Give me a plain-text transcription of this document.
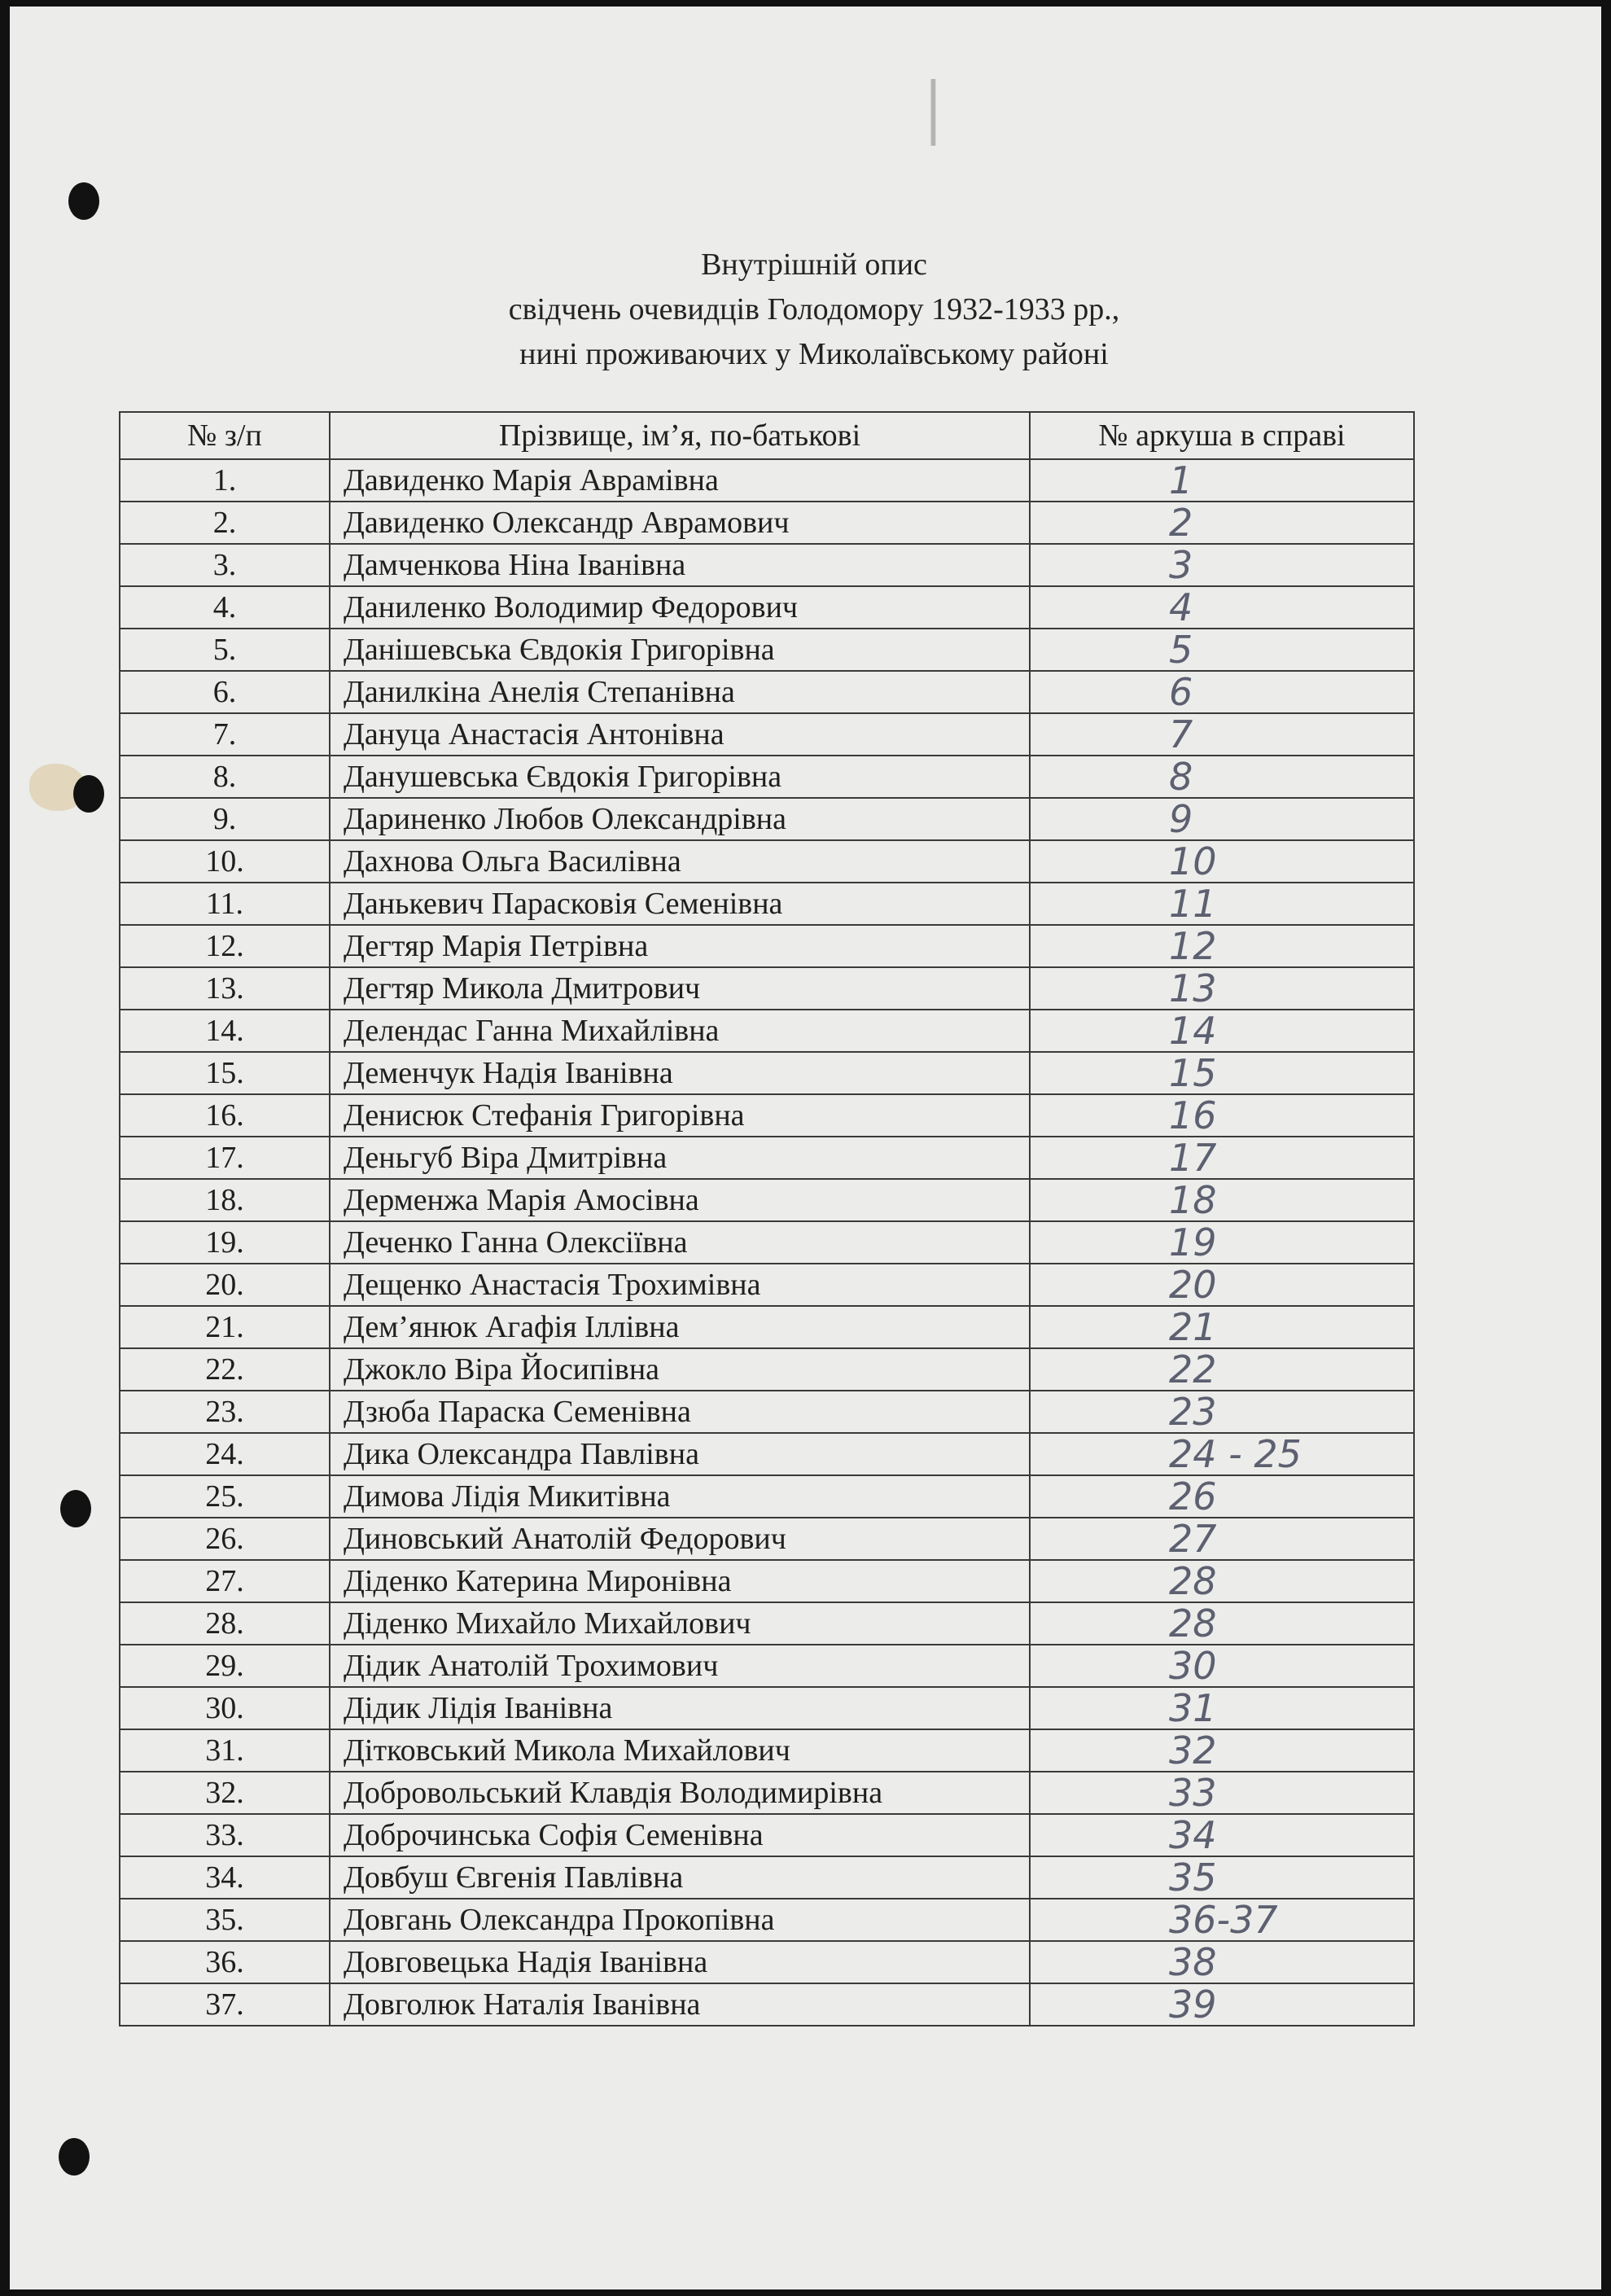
I
Внутрішній опис
свідчень очевидців Голодомору 1932-1933 рр.,
нині проживаючих у Миколаївському районі
№ з/п	Прізвище, ім’я, по-батькові	№ аркуша в справі
1.	Давиденко Марія Аврамівна	1
2.	Давиденко Олександр Аврамович	2
3.	Дамченкова Ніна Іванівна	3
4.	Даниленко Володимир Федорович	4
5.	Данішевська Євдокія Григорівна	5
6.	Данилкіна Анелія Степанівна	6
7.	Дануца Анастасія Антонівна	7
8.	Данушевська Євдокія Григорівна	8
9.	Дариненко Любов Олександрівна	9
10.	Дахнова Ольга Василівна	10
11.	Данькевич Парасковія Семенівна	11
12.	Дегтяр Марія Петрівна	12
13.	Дегтяр Микола Дмитрович	13
14.	Делендас Ганна Михайлівна	14
15.	Деменчук Надія Іванівна	15
16.	Денисюк Стефанія Григорівна	16
17.	Деньгуб Віра Дмитрівна	17
18.	Дерменжа Марія Амосівна	18
19.	Деченко Ганна Олексіївна	19
20.	Дещенко Анастасія Трохимівна	20
21.	Дем’янюк Агафія Іллівна	21
22.	Джокло Віра Йосипівна	22
23.	Дзюба Параска Семенівна	23
24.	Дика Олександра Павлівна	24 - 25
25.	Димова Лідія Микитівна	26
26.	Диновський Анатолій Федорович	27
27.	Діденко Катерина Миронівна	28
28.	Діденко Михайло Михайлович	28
29.	Дідик Анатолій Трохимович	30
30.	Дідик Лідія Іванівна	31
31.	Дітковський Микола Михайлович	32
32.	Добровольський Клавдія Володимирівна	33
33.	Доброчинська Софія Семенівна	34
34.	Довбуш Євгенія Павлівна	35
35.	Довгань Олександра Прокопівна	36-37
36.	Довговецька Надія Іванівна	38
37.	Довголюк Наталія Іванівна	39
